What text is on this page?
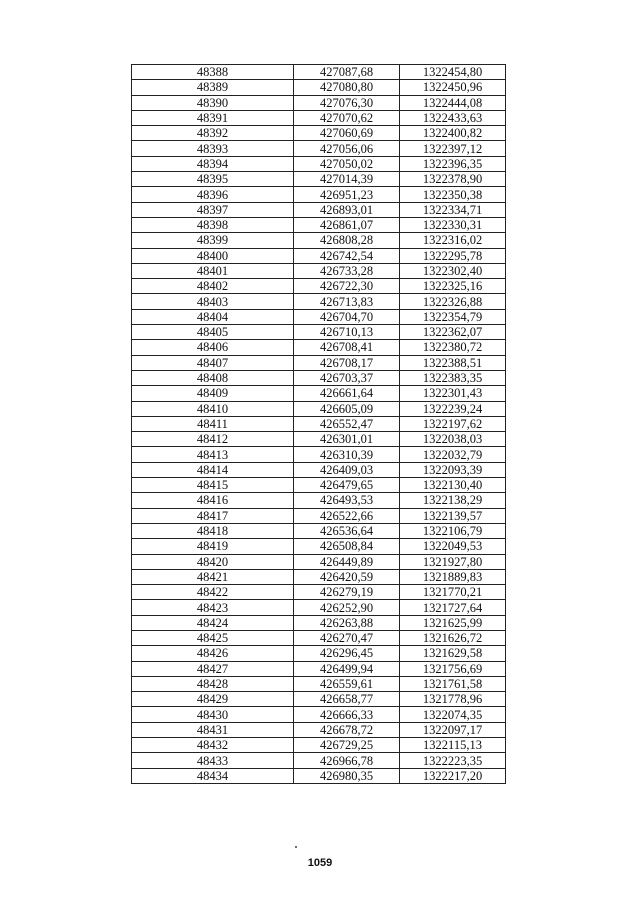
48388	427087,68	1322454,80
48389	427080,80	1322450,96
48390	427076,30	1322444,08
48391	427070,62	1322433,63
48392	427060,69	1322400,82
48393	427056,06	1322397,12
48394	427050,02	1322396,35
48395	427014,39	1322378,90
48396	426951,23	1322350,38
48397	426893,01	1322334,71
48398	426861,07	1322330,31
48399	426808,28	1322316,02
48400	426742,54	1322295,78
48401	426733,28	1322302,40
48402	426722,30	1322325,16
48403	426713,83	1322326,88
48404	426704,70	1322354,79
48405	426710,13	1322362,07
48406	426708,41	1322380,72
48407	426708,17	1322388,51
48408	426703,37	1322383,35
48409	426661,64	1322301,43
48410	426605,09	1322239,24
48411	426552,47	1322197,62
48412	426301,01	1322038,03
48413	426310,39	1322032,79
48414	426409,03	1322093,39
48415	426479,65	1322130,40
48416	426493,53	1322138,29
48417	426522,66	1322139,57
48418	426536,64	1322106,79
48419	426508,84	1322049,53
48420	426449,89	1321927,80
48421	426420,59	1321889,83
48422	426279,19	1321770,21
48423	426252,90	1321727,64
48424	426263,88	1321625,99
48425	426270,47	1321626,72
48426	426296,45	1321629,58
48427	426499,94	1321756,69
48428	426559,61	1321761,58
48429	426658,77	1321778,96
48430	426666,33	1322074,35
48431	426678,72	1322097,17
48432	426729,25	1322115,13
48433	426966,78	1322223,35
48434	426980,35	1322217,20
1059
